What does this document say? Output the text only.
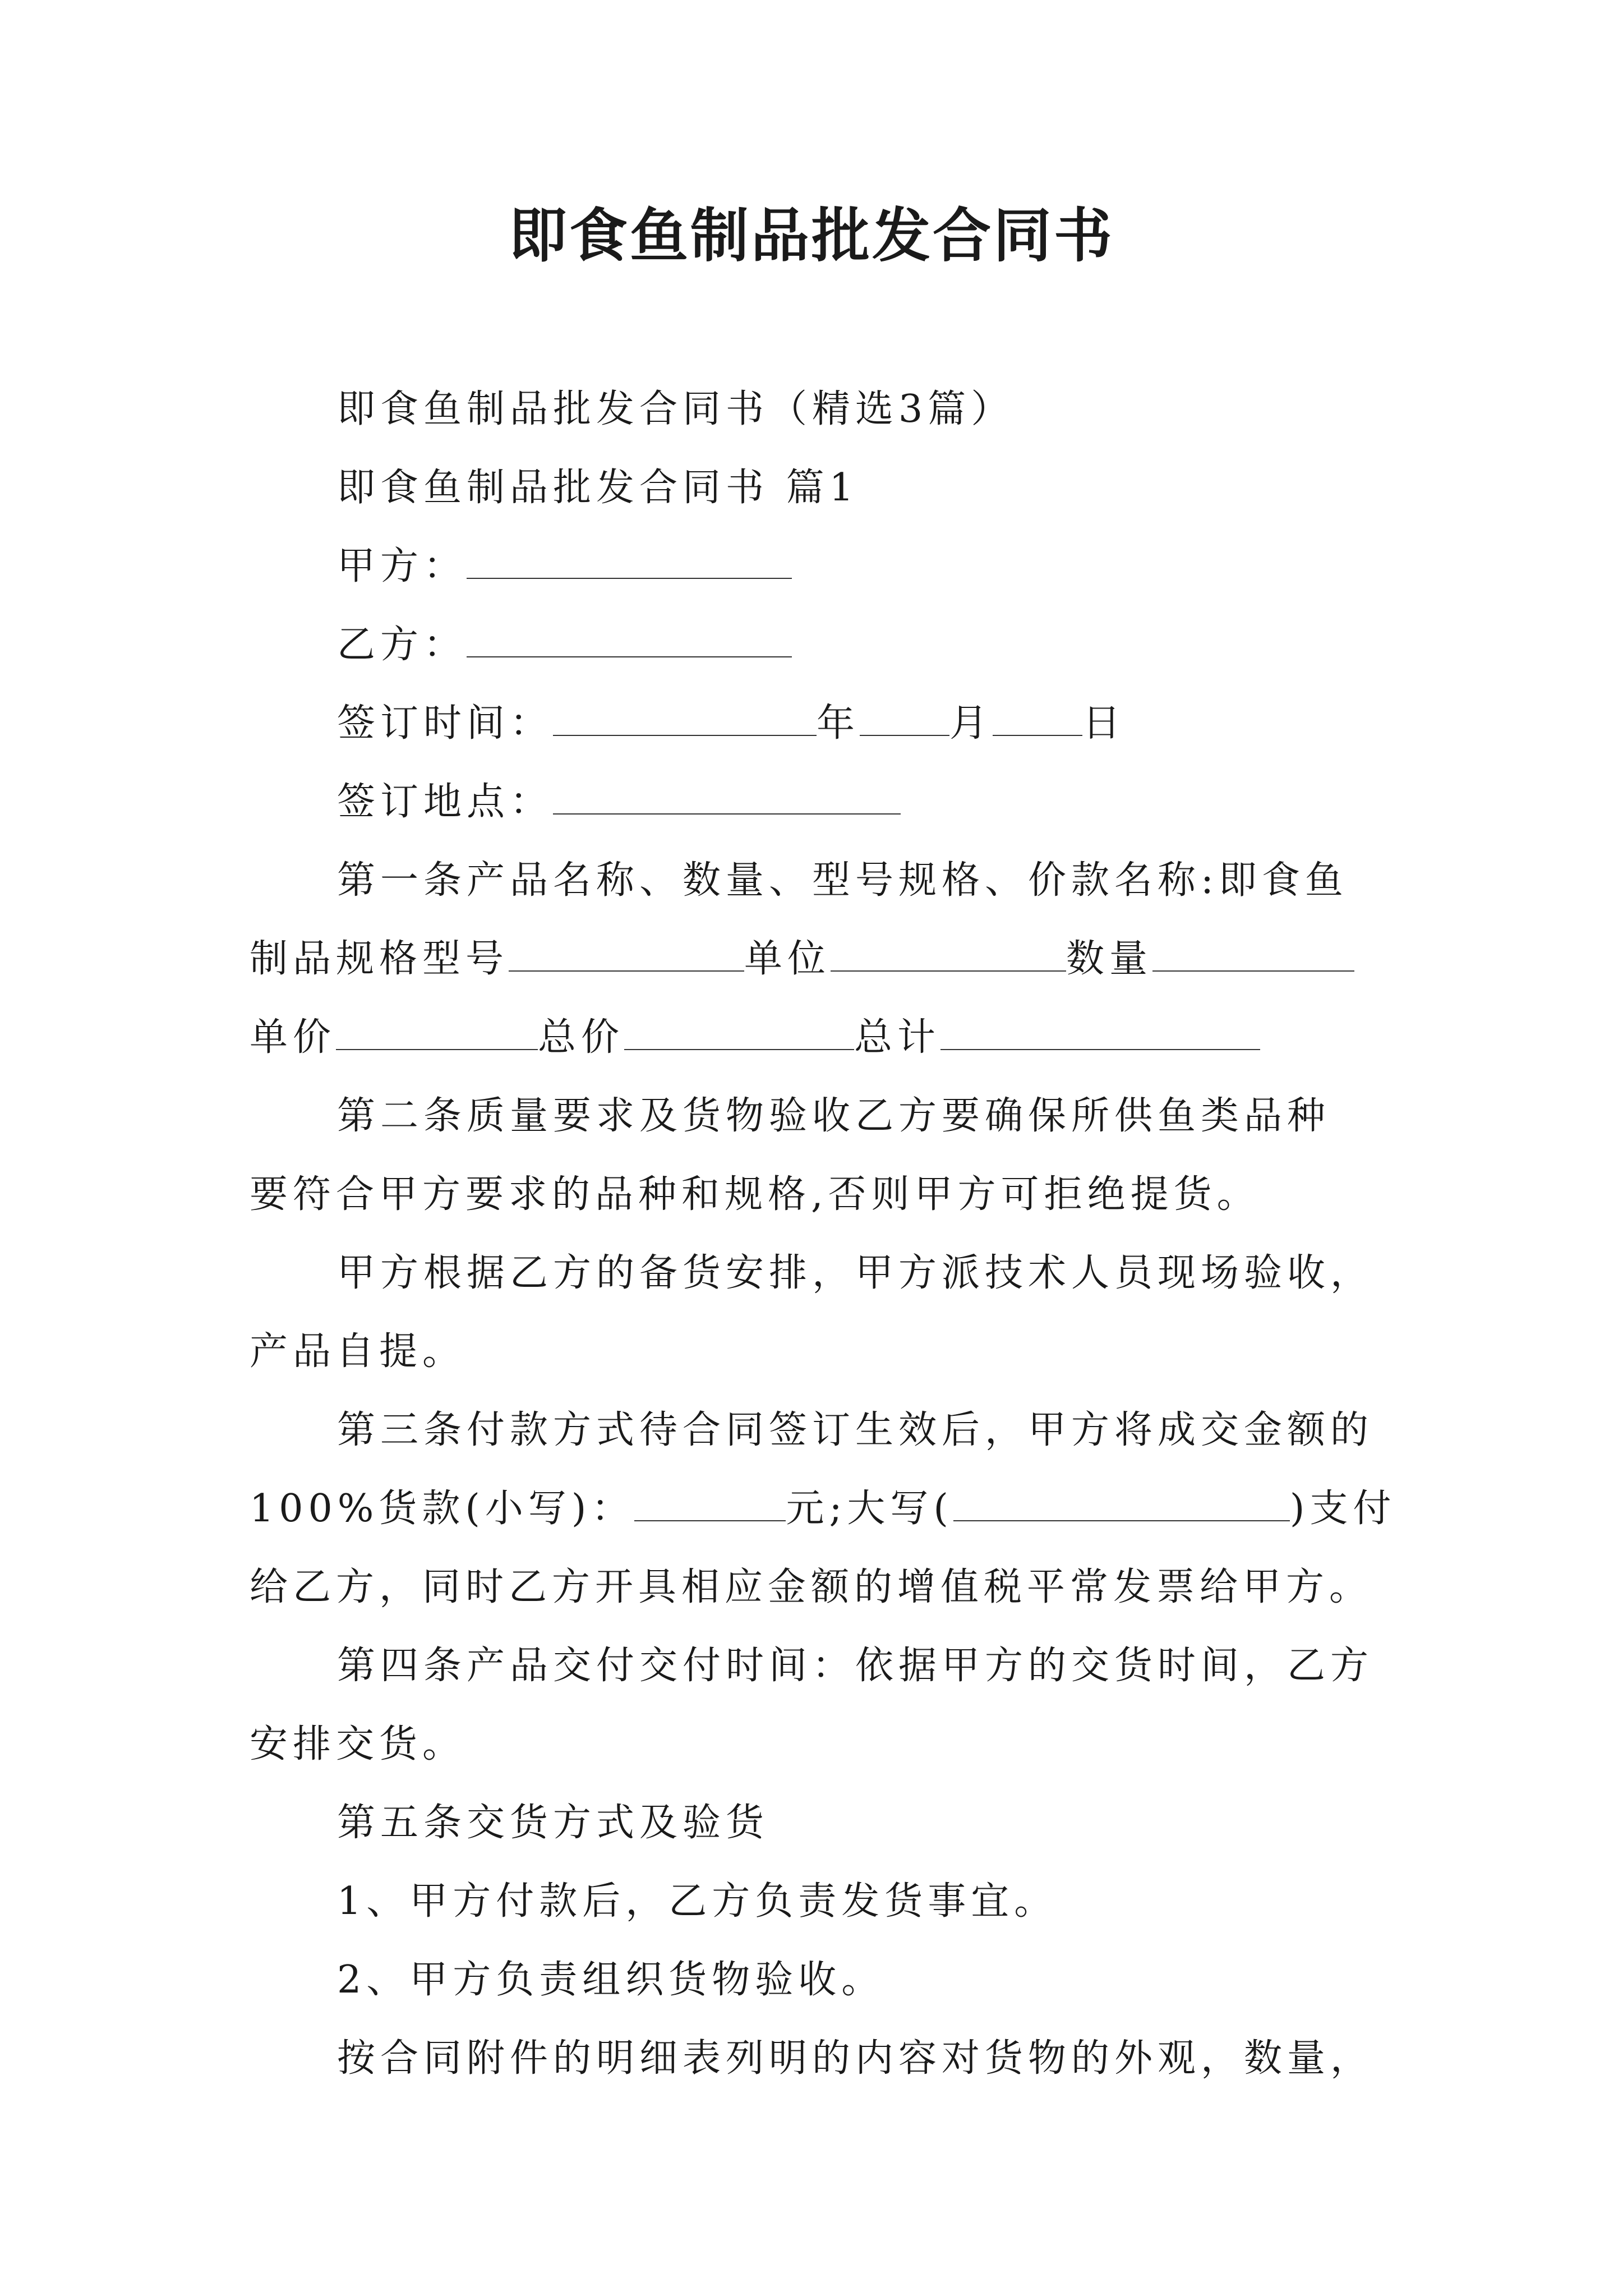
即食鱼制品批发合同书
即食鱼制品批发合同书（精选3篇）
即食鱼制品批发合同书 篇1
甲方：
乙方：
签订时间：	年 月 日
签订地点：
第一条产品名称、数量、型号规格、价款名称:即食鱼
制品规格型号	单位	数量
单价	总价	总计
第二条质量要求及货物验收乙方要确保所供鱼类品种
要符合甲方要求的品种和规格,否则甲方可拒绝提货。
甲方根据乙方的备货安排，甲方派技术人员现场验收，
产品自提。
第三条付款方式待合同签订生效后，甲方将成交金额的
100%货款(小写)：	元;大写(	)支付
给乙方，同时乙方开具相应金额的增值税平常发票给甲方。
第四条产品交付交付时间：依据甲方的交货时间，乙方
安排交货。
第五条交货方式及验货
1、甲方付款后，乙方负责发货事宜。
2、甲方负责组织货物验收。
按合同附件的明细表列明的内容对货物的外观，数量，
